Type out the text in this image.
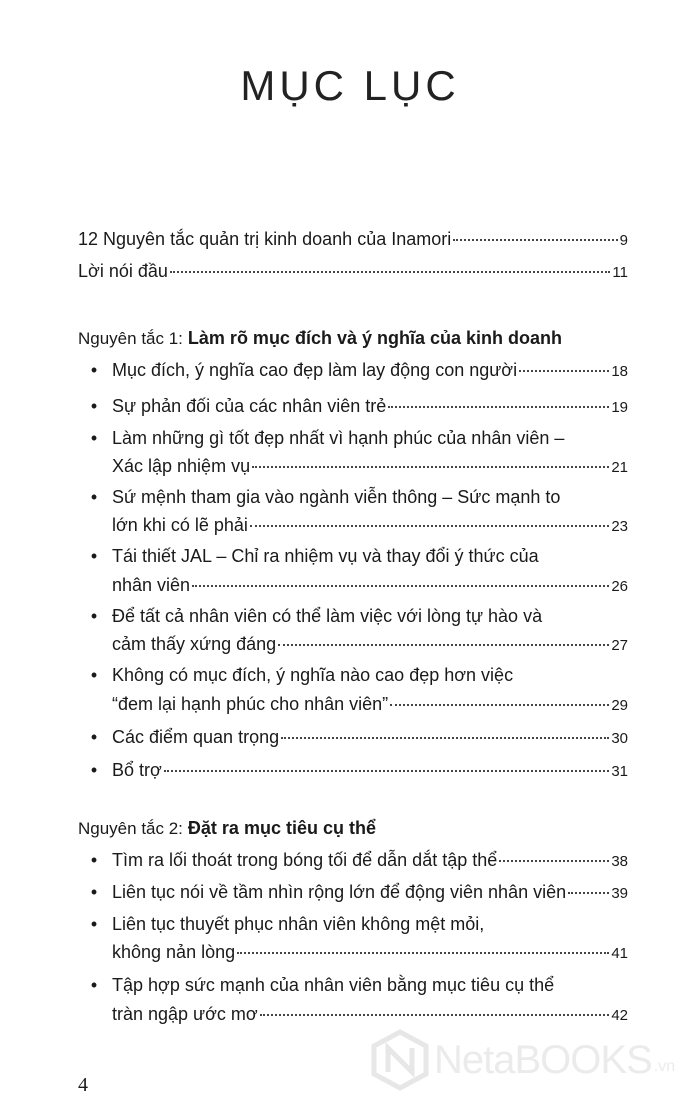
MỤC LỤC
12 Nguyên tắc quản trị kinh doanh của Inamori	9
Lời nói đầu	11
Nguyên tắc 1: Làm rõ mục đích và ý nghĩa của kinh doanh
• Mục đích, ý nghĩa cao đẹp làm lay động con người	18
• Sự phản đối của các nhân viên trẻ	19
• Làm những gì tốt đẹp nhất vì hạnh phúc của nhân viên –
Xác lập nhiệm vụ	21
• Sứ mệnh tham gia vào ngành viễn thông – Sức mạnh to
lớn khi có lẽ phải	23
• Tái thiết JAL – Chỉ ra nhiệm vụ và thay đổi ý thức của
nhân viên	26
• Để tất cả nhân viên có thể làm việc với lòng tự hào và
cảm thấy xứng đáng	27
• Không có mục đích, ý nghĩa nào cao đẹp hơn việc
“đem lại hạnh phúc cho nhân viên”	29
• Các điểm quan trọng	30
• Bổ trợ	31
Nguyên tắc 2: Đặt ra mục tiêu cụ thể
• Tìm ra lối thoát trong bóng tối để dẫn dắt tập thể	38
• Liên tục nói về tầm nhìn rộng lớn để động viên nhân viên	39
• Liên tục thuyết phục nhân viên không mệt mỏi,
không nản lòng	41
• Tập hợp sức mạnh của nhân viên bằng mục tiêu cụ thể
tràn ngập ước mơ	42
4
NetaBOOKS .vn
